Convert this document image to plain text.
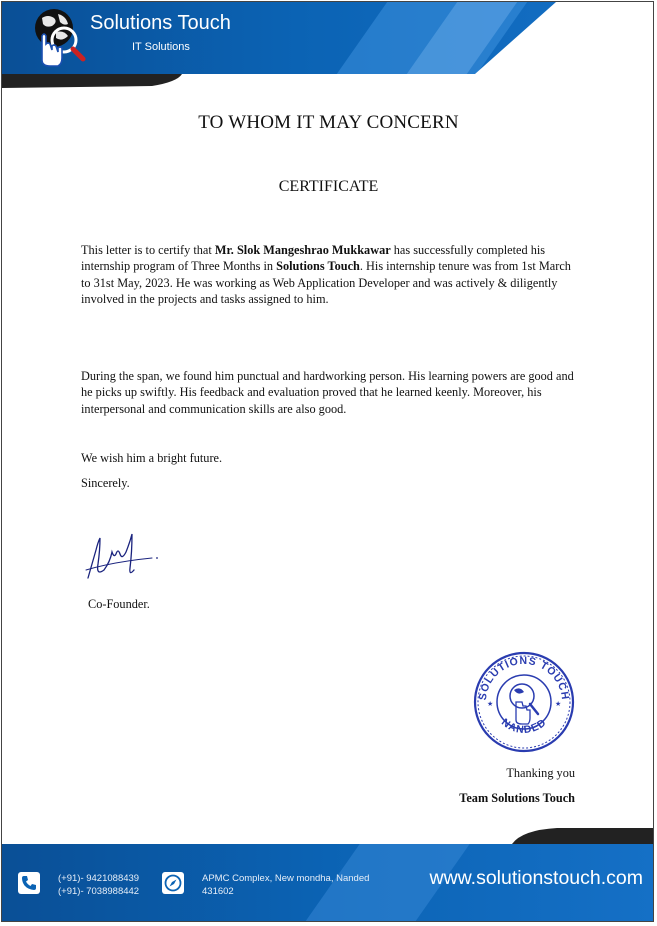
Solutions Touch
IT Solutions
TO WHOM IT MAY CONCERN
CERTIFICATE
This letter is to certify that Mr. Slok Mangeshrao Mukkawar has successfully completed his internship program of Three Months in Solutions Touch. His internship tenure was from 1st March to 31st May, 2023. He was working as Web Application Developer and was actively & diligently involved in the projects and tasks assigned to him.
During the span, we found him punctual and hardworking person. His learning powers are good and he picks up swiftly. His feedback and evaluation proved that he learned keenly. Moreover, his interpersonal and communication skills are also good.
We wish him a bright future.
Sincerely.
Co-Founder.
SOLUTIONS TOUCH
NANDED
★	★
Thanking you
Team Solutions Touch
(+91)- 9421088439
(+91)- 7038988442
APMC Complex, New mondha, Nanded
431602
www.solutionstouch.com
